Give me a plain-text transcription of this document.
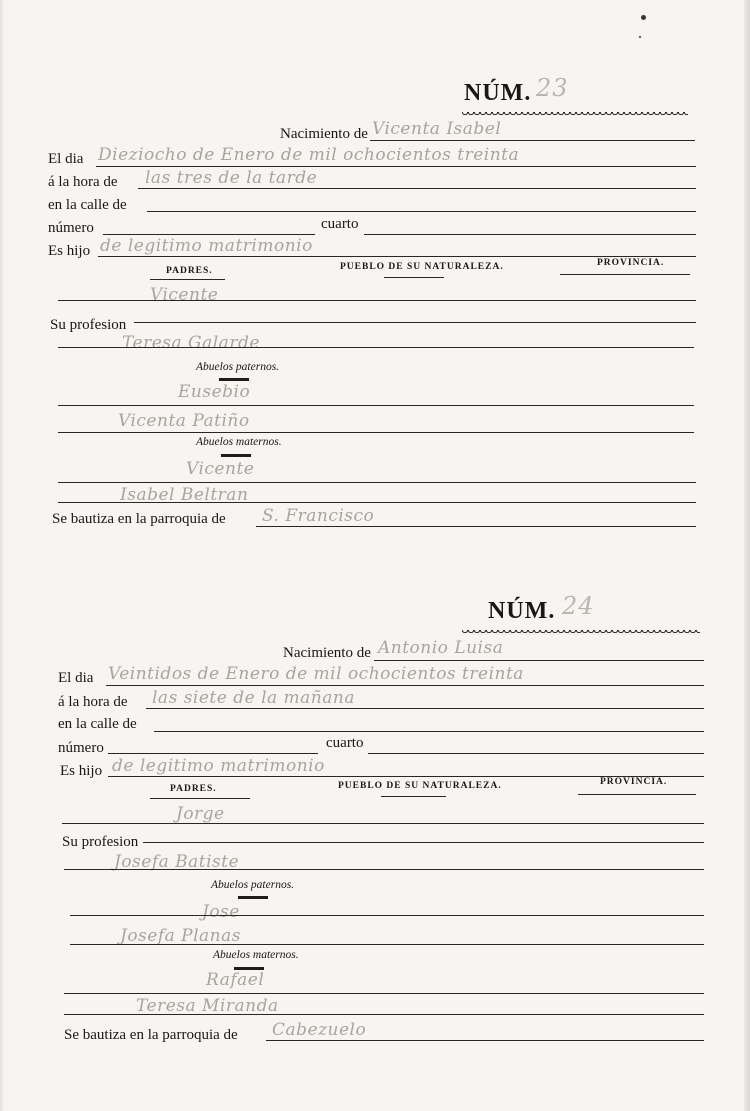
NÚM. 23
Nacimiento de Vicenta Isabel
El dia Dieziocho de Enero de mil ochocientos treinta
á la hora de las tres de la tarde
en la calle de
número	cuarto
Es hijo de legitimo matrimonio
PADRES.	PUEBLO DE SU NATURALEZA.	PROVINCIA.
Vicente
Su profesion
Teresa Galarde
Abuelos paternos.
Eusebio
Vicenta Patiño
Abuelos maternos.
Vicente
Isabel Beltran
Se bautiza en la parroquia de S. Francisco
NÚM. 24
Nacimiento de Antonio Luisa
El dia Veintidos de Enero de mil ochocientos treinta
á la hora de las siete de la mañana
en la calle de
número	cuarto
Es hijo de legitimo matrimonio
PADRES.	PUEBLO DE SU NATURALEZA.	PROVINCIA.
Jorge
Su profesion
Josefa Batiste
Abuelos paternos.
Jose
Josefa Planas
Abuelos maternos.
Rafael
Teresa Miranda
Se bautiza en la parroquia de Cabezuelo
